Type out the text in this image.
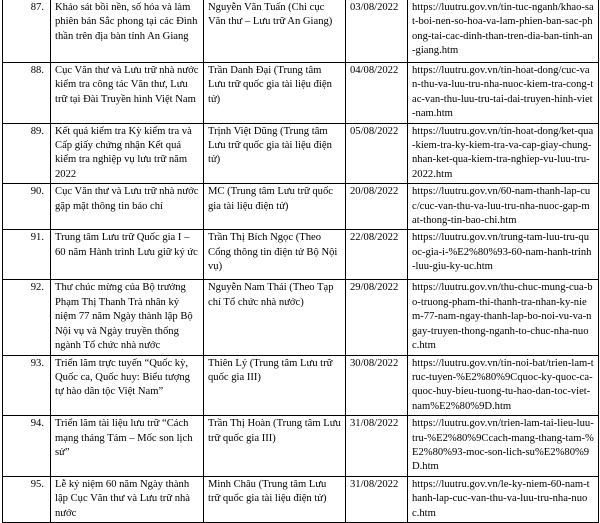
87.	Khảo sát bồi nền, số hóa và làm phiên bản Sắc phong tại các Đình thần trên địa bàn tỉnh An Giang	Nguyễn Văn Tuấn (Chi cục Văn thư – Lưu trữ An Giang)	03/08/2022	https://luutru.gov.vn/tin-tuc-nganh/khao-sat-boi-nen-so-hoa-va-lam-phien-ban-sac-phong-tai-cac-dinh-than-tren-dia-ban-tinh-an-giang.htm
88.	Cục Văn thư và Lưu trữ nhà nước kiểm tra công tác Văn thư, Lưu trữ tại Đài Truyền hình Việt Nam	Trần Danh Đại (Trung tâm Lưu trữ quốc gia tài liệu điện tử)	04/08/2022	https://luutru.gov.vn/tin-hoat-dong/cuc-van-thu-va-luu-tru-nha-nuoc-kiem-tra-cong-tac-van-thu-luu-tru-tai-dai-truyen-hinh-viet-nam.htm
89.	Kết quả kiểm tra Kỳ kiểm tra và Cấp giấy chứng nhận Kết quả kiểm tra nghiệp vụ lưu trữ năm 2022	Trịnh Việt Dũng (Trung tâm Lưu trữ quốc gia tài liệu điện tử)	05/08/2022	https://luutru.gov.vn/tin-hoat-dong/ket-qua-kiem-tra-ky-kiem-tra-va-cap-giay-chung-nhan-ket-qua-kiem-tra-nghiep-vu-luu-tru-2022.htm
90.	Cục Văn thư và Lưu trữ nhà nước gặp mặt thông tin báo chí	MC (Trung tâm Lưu trữ quốc gia tài liệu điện tử)	20/08/2022	https://luutru.gov.vn/60-nam-thanh-lap-cuc/cuc-van-thu-va-luu-tru-nha-nuoc-gap-mat-thong-tin-bao-chi.htm
91.	Trung tâm Lưu trữ Quốc gia I – 60 năm Hành trình Lưu giữ ký ức	Trần Thị Bích Ngọc (Theo Cổng thông tin điện tử Bộ Nội vụ)	22/08/2022	https://luutru.gov.vn/trung-tam-luu-tru-quoc-gia-i-%E2%80%93-60-nam-hanh-trinh-luu-giu-ky-uc.htm
92.	Thư chúc mừng của Bộ trưởng Phạm Thị Thanh Trà nhân kỷ niệm 77 năm Ngày thành lập Bộ Nội vụ và Ngày truyền thống ngành Tổ chức nhà nước	Nguyễn Nam Thái (Theo Tạp chí Tổ chức nhà nước)	29/08/2022	https://luutru.gov.vn/thu-chuc-mung-cua-bo-truong-pham-thi-thanh-tra-nhan-ky-niem-77-nam-ngay-thanh-lap-bo-noi-vu-va-ngay-truyen-thong-nganh-to-chuc-nha-nuoc.htm
93.	Triển lãm trực tuyến “Quốc kỳ, Quốc ca, Quốc huy: Biểu tượng tự hào dân tộc Việt Nam”	Thiên Lý (Trung tâm Lưu trữ quốc gia III)	30/08/2022	https://luutru.gov.vn/tin-noi-bat/trien-lam-truc-tuyen-%E2%80%9Cquoc-ky-quoc-ca-quoc-huy-bieu-tuong-tu-hao-dan-toc-viet-nam%E2%80%9D.htm
94.	Triển lãm tài liệu lưu trữ “Cách mạng tháng Tám – Mốc son lịch sử”	Trần Thị Hoàn (Trung tâm Lưu trữ quốc gia III)	31/08/2022	https://luutru.gov.vn/trien-lam-tai-lieu-luu-tru-%E2%80%9Ccach-mang-thang-tam-%E2%80%93-moc-son-lich-su%E2%80%9D.htm
95.	Lễ kỷ niệm 60 năm Ngày thành lập Cục Văn thư và Lưu trữ nhà nước	Minh Châu (Trung tâm Lưu trữ quốc gia tài liệu điện tử)	31/08/2022	https://luutru.gov.vn/le-ky-niem-60-nam-thanh-lap-cuc-van-thu-va-luu-tru-nha-nuoc.htm
